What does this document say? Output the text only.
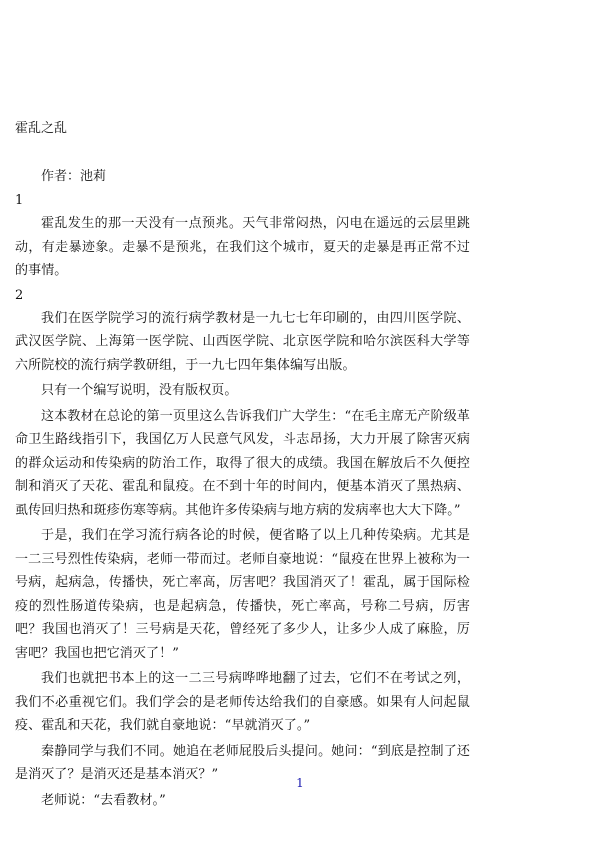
霍乱之乱

作者：池莉

1

霍乱发生的那一天没有一点预兆。天气非常闷热，闪电在遥远的云层里跳动，有走暴迹象。走暴不是预兆，在我们这个城市，夏天的走暴是再正常不过的事情。

2

我们在医学院学习的流行病学教材是一九七七年印刷的，由四川医学院、武汉医学院、上海第一医学院、山西医学院、北京医学院和哈尔滨医科大学等六所院校的流行病学教研组，于一九七四年集体编写出版。

只有一个编写说明，没有版权页。

这本教材在总论的第一页里这么告诉我们广大学生：“在毛主席无产阶级革命卫生路线指引下，我国亿万人民意气风发，斗志昂扬，大力开展了除害灭病的群众运动和传染病的防治工作，取得了很大的成绩。我国在解放后不久便控制和消灭了天花、霍乱和鼠疫。在不到十年的时间内，便基本消灭了黑热病、虱传回归热和斑疹伤寒等病。其他许多传染病与地方病的发病率也大大下降。”

于是，我们在学习流行病各论的时候，便省略了以上几种传染病。尤其是一二三号烈性传染病，老师一带而过。老师自豪地说：“鼠疫在世界上被称为一号病，起病急，传播快，死亡率高，厉害吧？我国消灭了！霍乱，属于国际检疫的烈性肠道传染病，也是起病急，传播快，死亡率高，号称二号病，厉害吧？我国也消灭了！三号病是天花，曾经死了多少人，让多少人成了麻脸，厉害吧？我国也把它消灭了！”

我们也就把书本上的这一二三号病哗哗地翻了过去，它们不在考试之列，我们不必重视它们。我们学会的是老师传达给我们的自豪感。如果有人问起鼠疫、霍乱和天花，我们就自豪地说：“早就消灭了。”

秦静同学与我们不同。她追在老师屁股后头提问。她问：“到底是控制了还是消灭了？是消灭还是基本消灭？”

老师说：“去看教材。”

1
